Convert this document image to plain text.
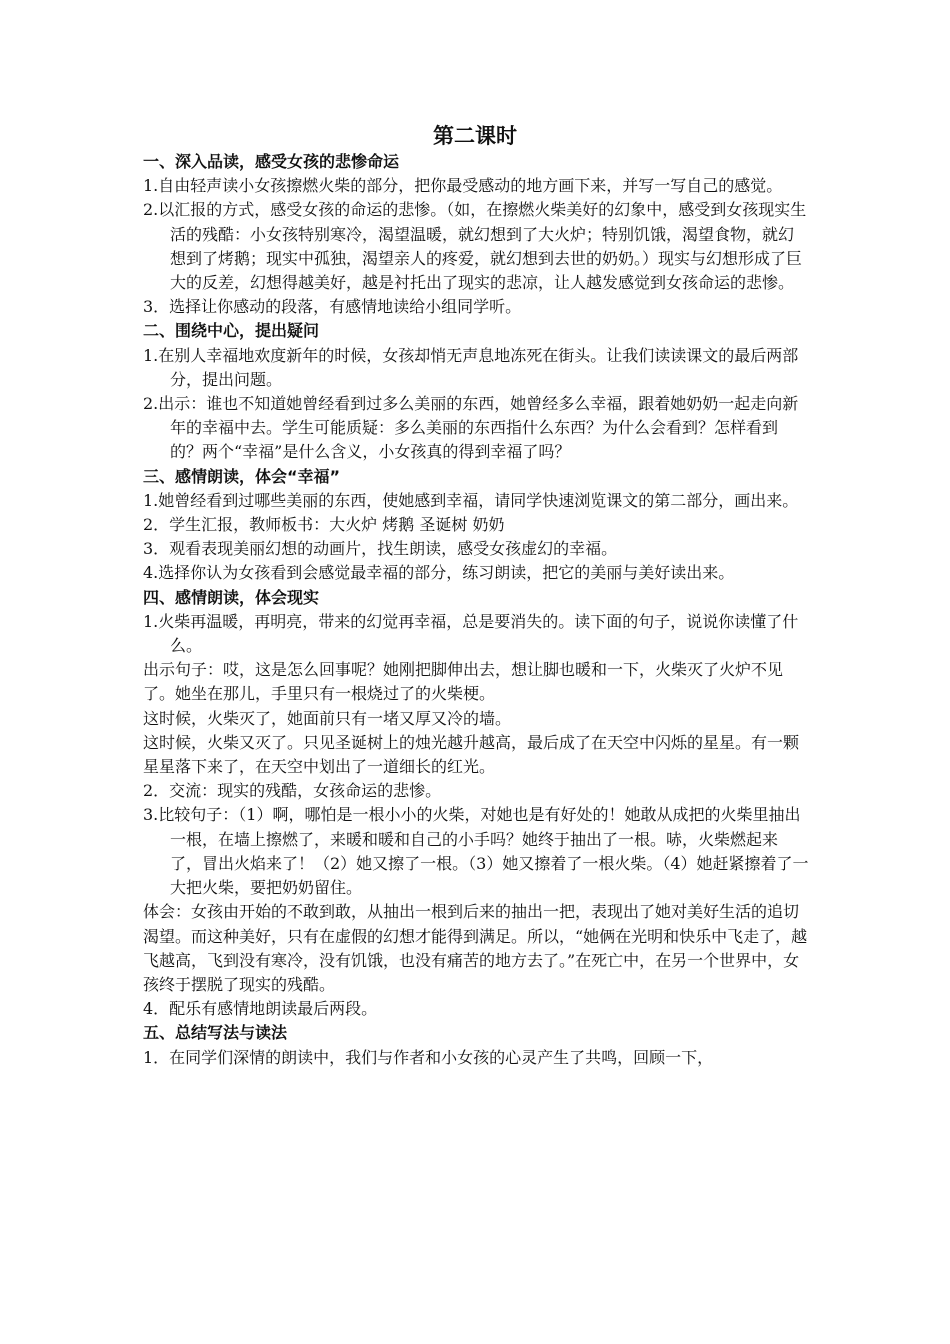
第二课时
一、深入品读，感受女孩的悲惨命运
1.自由轻声读小女孩擦燃火柴的部分，把你最受感动的地方画下来，并写一写自己的感觉。
2.以汇报的方式，感受女孩的命运的悲惨。（如，在擦燃火柴美好的幻象中，感受到女孩现实生活的残酷：小女孩特别寒冷，渴望温暖，就幻想到了大火炉；特别饥饿，渴望食物，就幻想到了烤鹅；现实中孤独，渴望亲人的疼爱，就幻想到去世的奶奶。）现实与幻想形成了巨大的反差，幻想得越美好，越是衬托出了现实的悲凉，让人越发感觉到女孩命运的悲惨。
3．选择让你感动的段落，有感情地读给小组同学听。
二、围绕中心，提出疑问
1.在别人幸福地欢度新年的时候，女孩却悄无声息地冻死在街头。让我们读读课文的最后两部分，提出问题。
2.出示：谁也不知道她曾经看到过多么美丽的东西，她曾经多么幸福，跟着她奶奶一起走向新年的幸福中去。学生可能质疑：多么美丽的东西指什么东西？为什么会看到？怎样看到的？两个“幸福”是什么含义，小女孩真的得到幸福了吗？
三、感情朗读，体会“幸福”
1.她曾经看到过哪些美丽的东西，使她感到幸福，请同学快速浏览课文的第二部分，画出来。
2．学生汇报，教师板书：大火炉 烤鹅 圣诞树 奶奶
3．观看表现美丽幻想的动画片，找生朗读，感受女孩虚幻的幸福。
4.选择你认为女孩看到会感觉最幸福的部分，练习朗读，把它的美丽与美好读出来。
四、感情朗读，体会现实
1.火柴再温暖，再明亮，带来的幻觉再幸福，总是要消失的。读下面的句子，说说你读懂了什么。
出示句子：哎，这是怎么回事呢？她刚把脚伸出去，想让脚也暖和一下，火柴灭了火炉不见了。她坐在那儿，手里只有一根烧过了的火柴梗。
这时候，火柴灭了，她面前只有一堵又厚又冷的墙。
这时候，火柴又灭了。只见圣诞树上的烛光越升越高，最后成了在天空中闪烁的星星。有一颗星星落下来了，在天空中划出了一道细长的红光。
2．交流：现实的残酷，女孩命运的悲惨。
3.比较句子：（1）啊，哪怕是一根小小的火柴，对她也是有好处的！她敢从成把的火柴里抽出一根，在墙上擦燃了，来暖和暖和自己的小手吗？她终于抽出了一根。哧，火柴燃起来了，冒出火焰来了！（2）她又擦了一根。（3）她又擦着了一根火柴。（4）她赶紧擦着了一大把火柴，要把奶奶留住。
体会：女孩由开始的不敢到敢，从抽出一根到后来的抽出一把，表现出了她对美好生活的追切渴望。而这种美好，只有在虚假的幻想才能得到满足。所以，“她俩在光明和快乐中飞走了，越飞越高，飞到没有寒冷，没有饥饿，也没有痛苦的地方去了。”在死亡中，在另一个世界中，女孩终于摆脱了现实的残酷。
4．配乐有感情地朗读最后两段。
五、总结写法与读法
1．在同学们深情的朗读中，我们与作者和小女孩的心灵产生了共鸣，回顾一下，
